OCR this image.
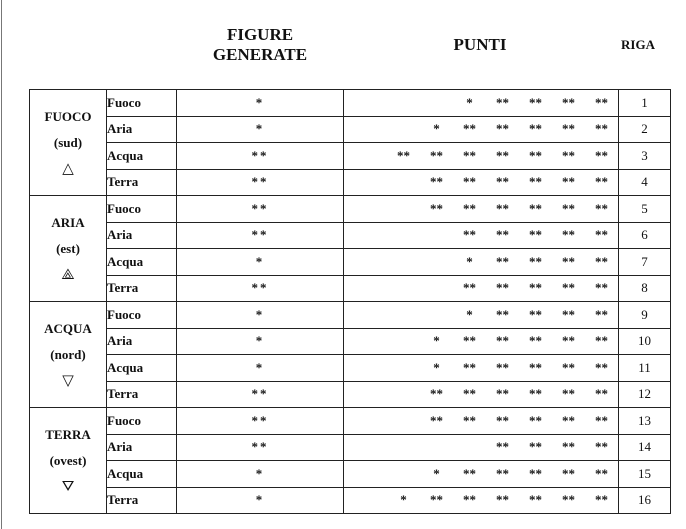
FIGURE
GENERATE
PUNTI	RIGA
FUOCO
(sud)
△	Fuoco	*	* ** ** ** **	1
	Aria	*	* ** ** ** ** **	2
	Acqua	**	** ** ** ** ** ** **	3
	Terra	**	** ** ** ** ** **	4

ARIA
(est)
⟁	Fuoco	**	** ** ** ** ** **	5
	Aria	**	** ** ** ** **	6
	Acqua	*	* ** ** ** **	7
	Terra	**	** ** ** ** **	8

ACQUA
(nord)
▽	Fuoco	*	* ** ** ** **	9
	Aria	*	* ** ** ** ** **	10
	Acqua	*	* ** ** ** ** **	11
	Terra	**	** ** ** ** ** **	12

TERRA
(ovest)
⛛	Fuoco	**	** ** ** ** ** **	13
	Aria	**	** ** ** **	14
	Acqua	*	* ** ** ** ** **	15
	Terra	*	* ** ** ** ** ** **	16
